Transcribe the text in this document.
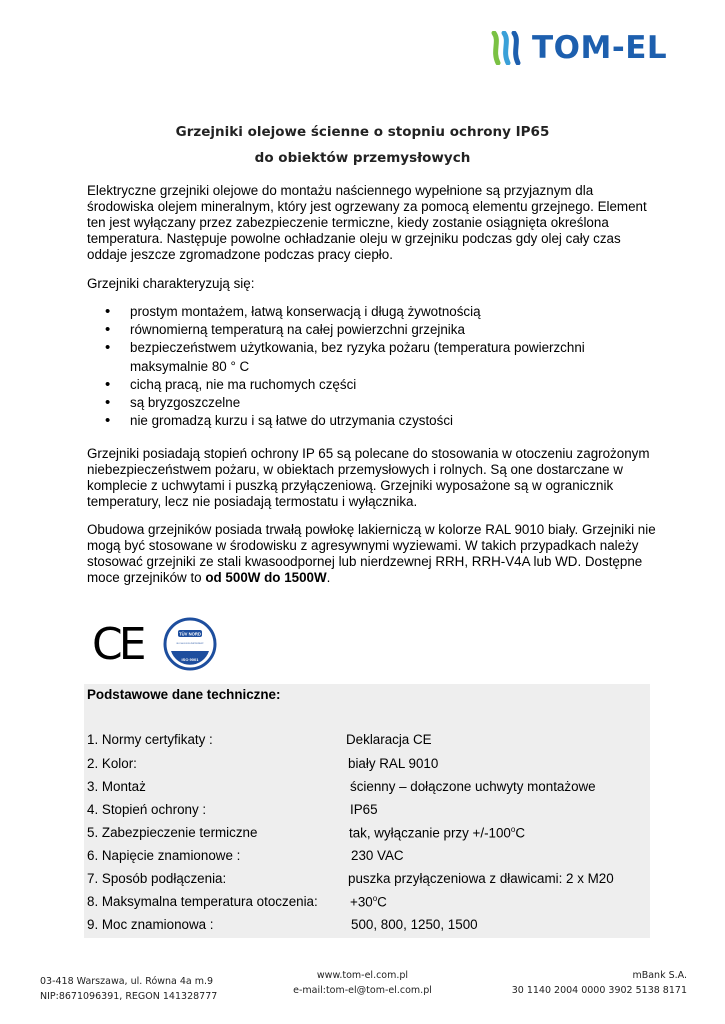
TOM-EL
Grzejniki olejowe ścienne o stopniu ochrony IP65
do obiektów przemysłowych

Elektryczne grzejniki olejowe do montażu naściennego wypełnione są przyjaznym dla środowiska olejem mineralnym, który jest ogrzewany za pomocą elementu grzejnego. Element ten jest wyłączany przez zabezpieczenie termiczne, kiedy zostanie osiągnięta określona temperatura. Następuje powolne ochładzanie oleju w grzejniku podczas gdy olej cały czas oddaje jeszcze zgromadzone podczas pracy ciepło.

Grzejniki charakteryzują się:

• prostym montażem, łatwą konserwacją i długą żywotnością
• równomierną temperaturą na całej powierzchni grzejnika
• bezpieczeństwem użytkowania, bez ryzyka pożaru (temperatura powierzchni maksymalnie 80 ° C
• cichą pracą, nie ma ruchomych części
• są bryzgoszczelne
• nie gromadzą kurzu i są łatwe do utrzymania czystości

Grzejniki posiadają stopień ochrony IP 65 są polecane do stosowania w otoczeniu zagrożonym niebezpieczeństwem pożaru, w obiektach przemysłowych i rolnych. Są one dostarczane w komplecie z uchwytami i puszką przyłączeniową. Grzejniki wyposażone są w ogranicznik temperatury, lecz nie posiadają termostatu i wyłącznika.

Obudowa grzejników posiada trwałą powłokę lakierniczą w kolorze RAL 9010 biały. Grzejniki nie mogą być stosowane w środowisku z agresywnymi wyziewami. W takich przypadkach należy stosować grzejniki ze stali kwasoodpornej lub nierdzewnej RRH, RRH-V4A lub WD. Dostępne moce grzejników to od 500W do 1500W.

CE	TÜV NORD
ISO 9001:2015 ZERTIFIZIERT
ISO 9001
Podstawowe dane techniczne:
1. Normy certyfikaty :	Deklaracja CE
2. Kolor:	biały RAL 9010
3. Montaż	ścienny – dołączone uchwyty montażowe
4. Stopień ochrony :	IP65
5. Zabezpieczenie termiczne	tak, wyłączanie przy $+/-100^oC$
6. Napięcie znamionowe :	230 VAC
7. Sposób podłączenia:	puszka przyłączeniowa z dławicami: 2 x M20
8. Maksymalna temperatura otoczenia: $+30^oC$
9. Moc znamionowa :	500, 800, 1250, 1500
03-418 Warszawa, ul. Równa 4a m.9
NIP:8671096391, REGON 141328777
www.tom-el.com.pl
e-mail:tom-el@tom-el.com.pl
mBank S.A.
30 1140 2004 0000 3902 5138 8171
